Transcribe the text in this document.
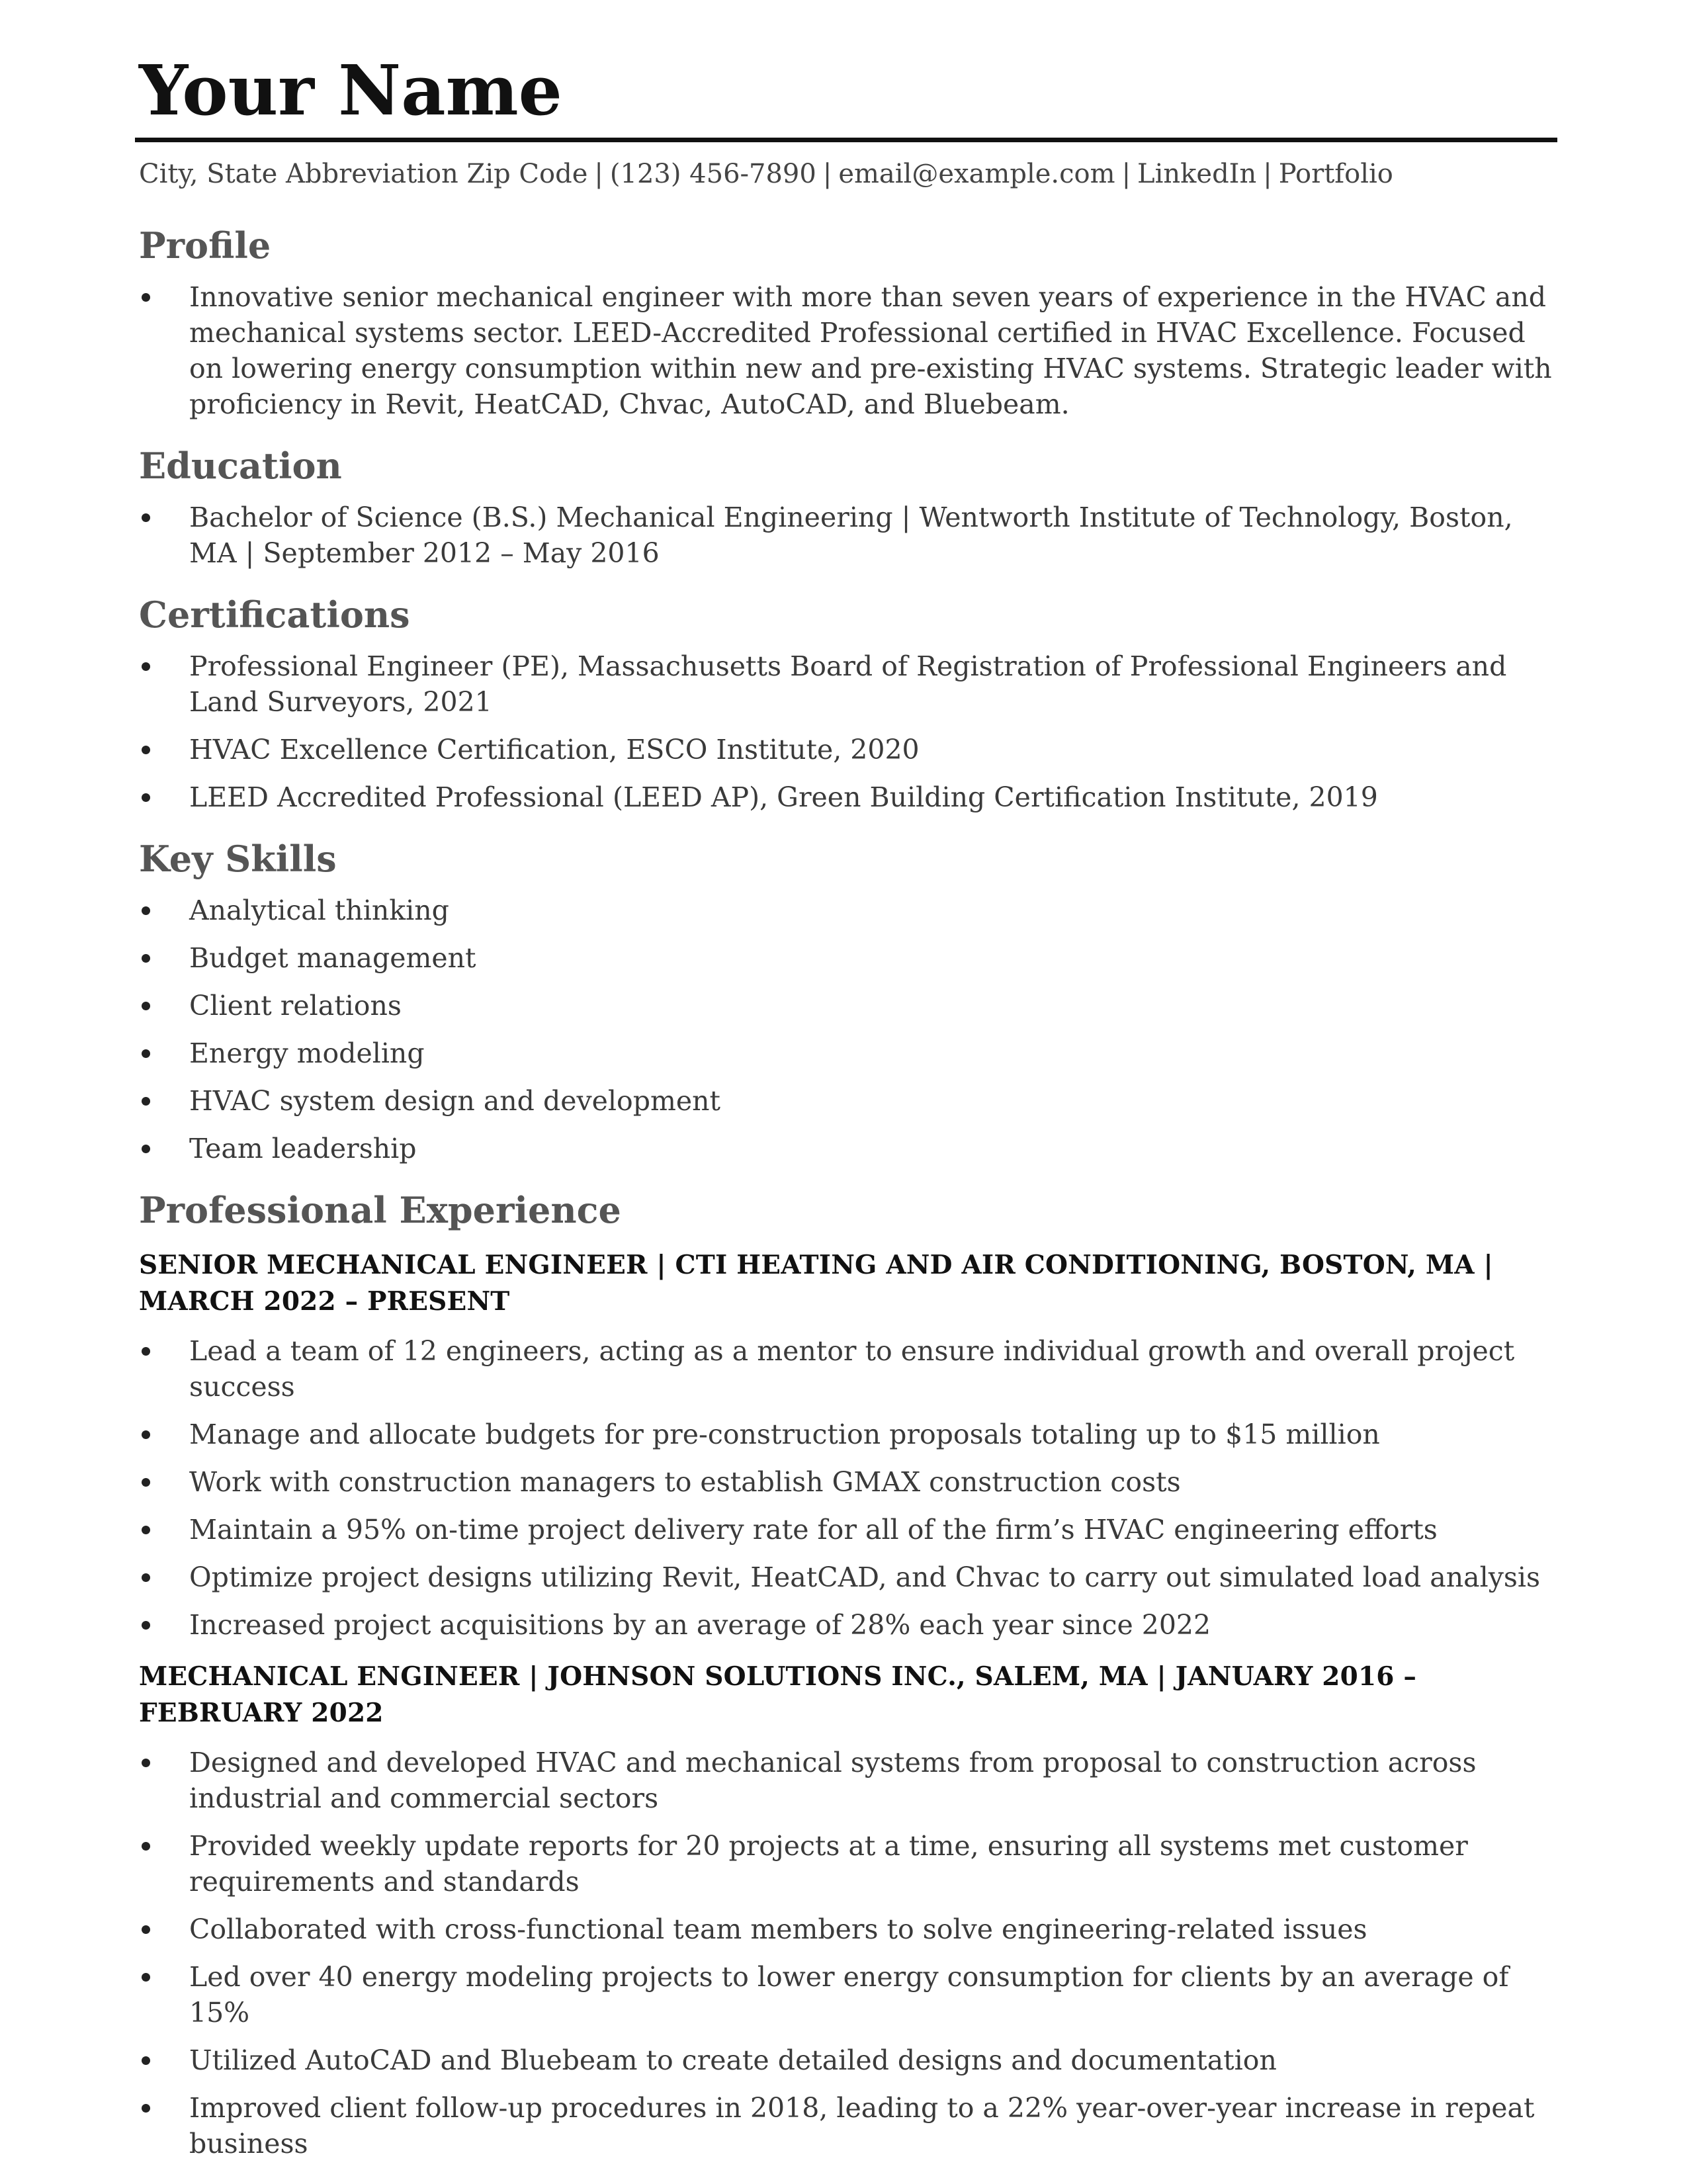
Your Name
City, State Abbreviation Zip Code | (123) 456-7890 | email@example.com | LinkedIn | Portfolio
Profile
Innovative senior mechanical engineer with more than seven years of experience in the HVAC and mechanical systems sector. LEED-Accredited Professional certified in HVAC Excellence. Focused on lowering energy consumption within new and pre-existing HVAC systems. Strategic leader with proficiency in Revit, HeatCAD, Chvac, AutoCAD, and Bluebeam.
Education
Bachelor of Science (B.S.) Mechanical Engineering | Wentworth Institute of Technology, Boston, MA | September 2012 – May 2016
Certifications
Professional Engineer (PE), Massachusetts Board of Registration of Professional Engineers and Land Surveyors, 2021
HVAC Excellence Certification, ESCO Institute, 2020
LEED Accredited Professional (LEED AP), Green Building Certification Institute, 2019
Key Skills
Analytical thinking
Budget management
Client relations
Energy modeling
HVAC system design and development
Team leadership
Professional Experience
SENIOR MECHANICAL ENGINEER | CTI HEATING AND AIR CONDITIONING, BOSTON, MA | MARCH 2022 – PRESENT
Lead a team of 12 engineers, acting as a mentor to ensure individual growth and overall project success
Manage and allocate budgets for pre-construction proposals totaling up to $15 million
Work with construction managers to establish GMAX construction costs
Maintain a 95% on-time project delivery rate for all of the firm’s HVAC engineering efforts
Optimize project designs utilizing Revit, HeatCAD, and Chvac to carry out simulated load analysis
Increased project acquisitions by an average of 28% each year since 2022
MECHANICAL ENGINEER | JOHNSON SOLUTIONS INC., SALEM, MA | JANUARY 2016 – FEBRUARY 2022
Designed and developed HVAC and mechanical systems from proposal to construction across industrial and commercial sectors
Provided weekly update reports for 20 projects at a time, ensuring all systems met customer requirements and standards
Collaborated with cross-functional team members to solve engineering-related issues
Led over 40 energy modeling projects to lower energy consumption for clients by an average of 15%
Utilized AutoCAD and Bluebeam to create detailed designs and documentation
Improved client follow-up procedures in 2018, leading to a 22% year-over-year increase in repeat business
